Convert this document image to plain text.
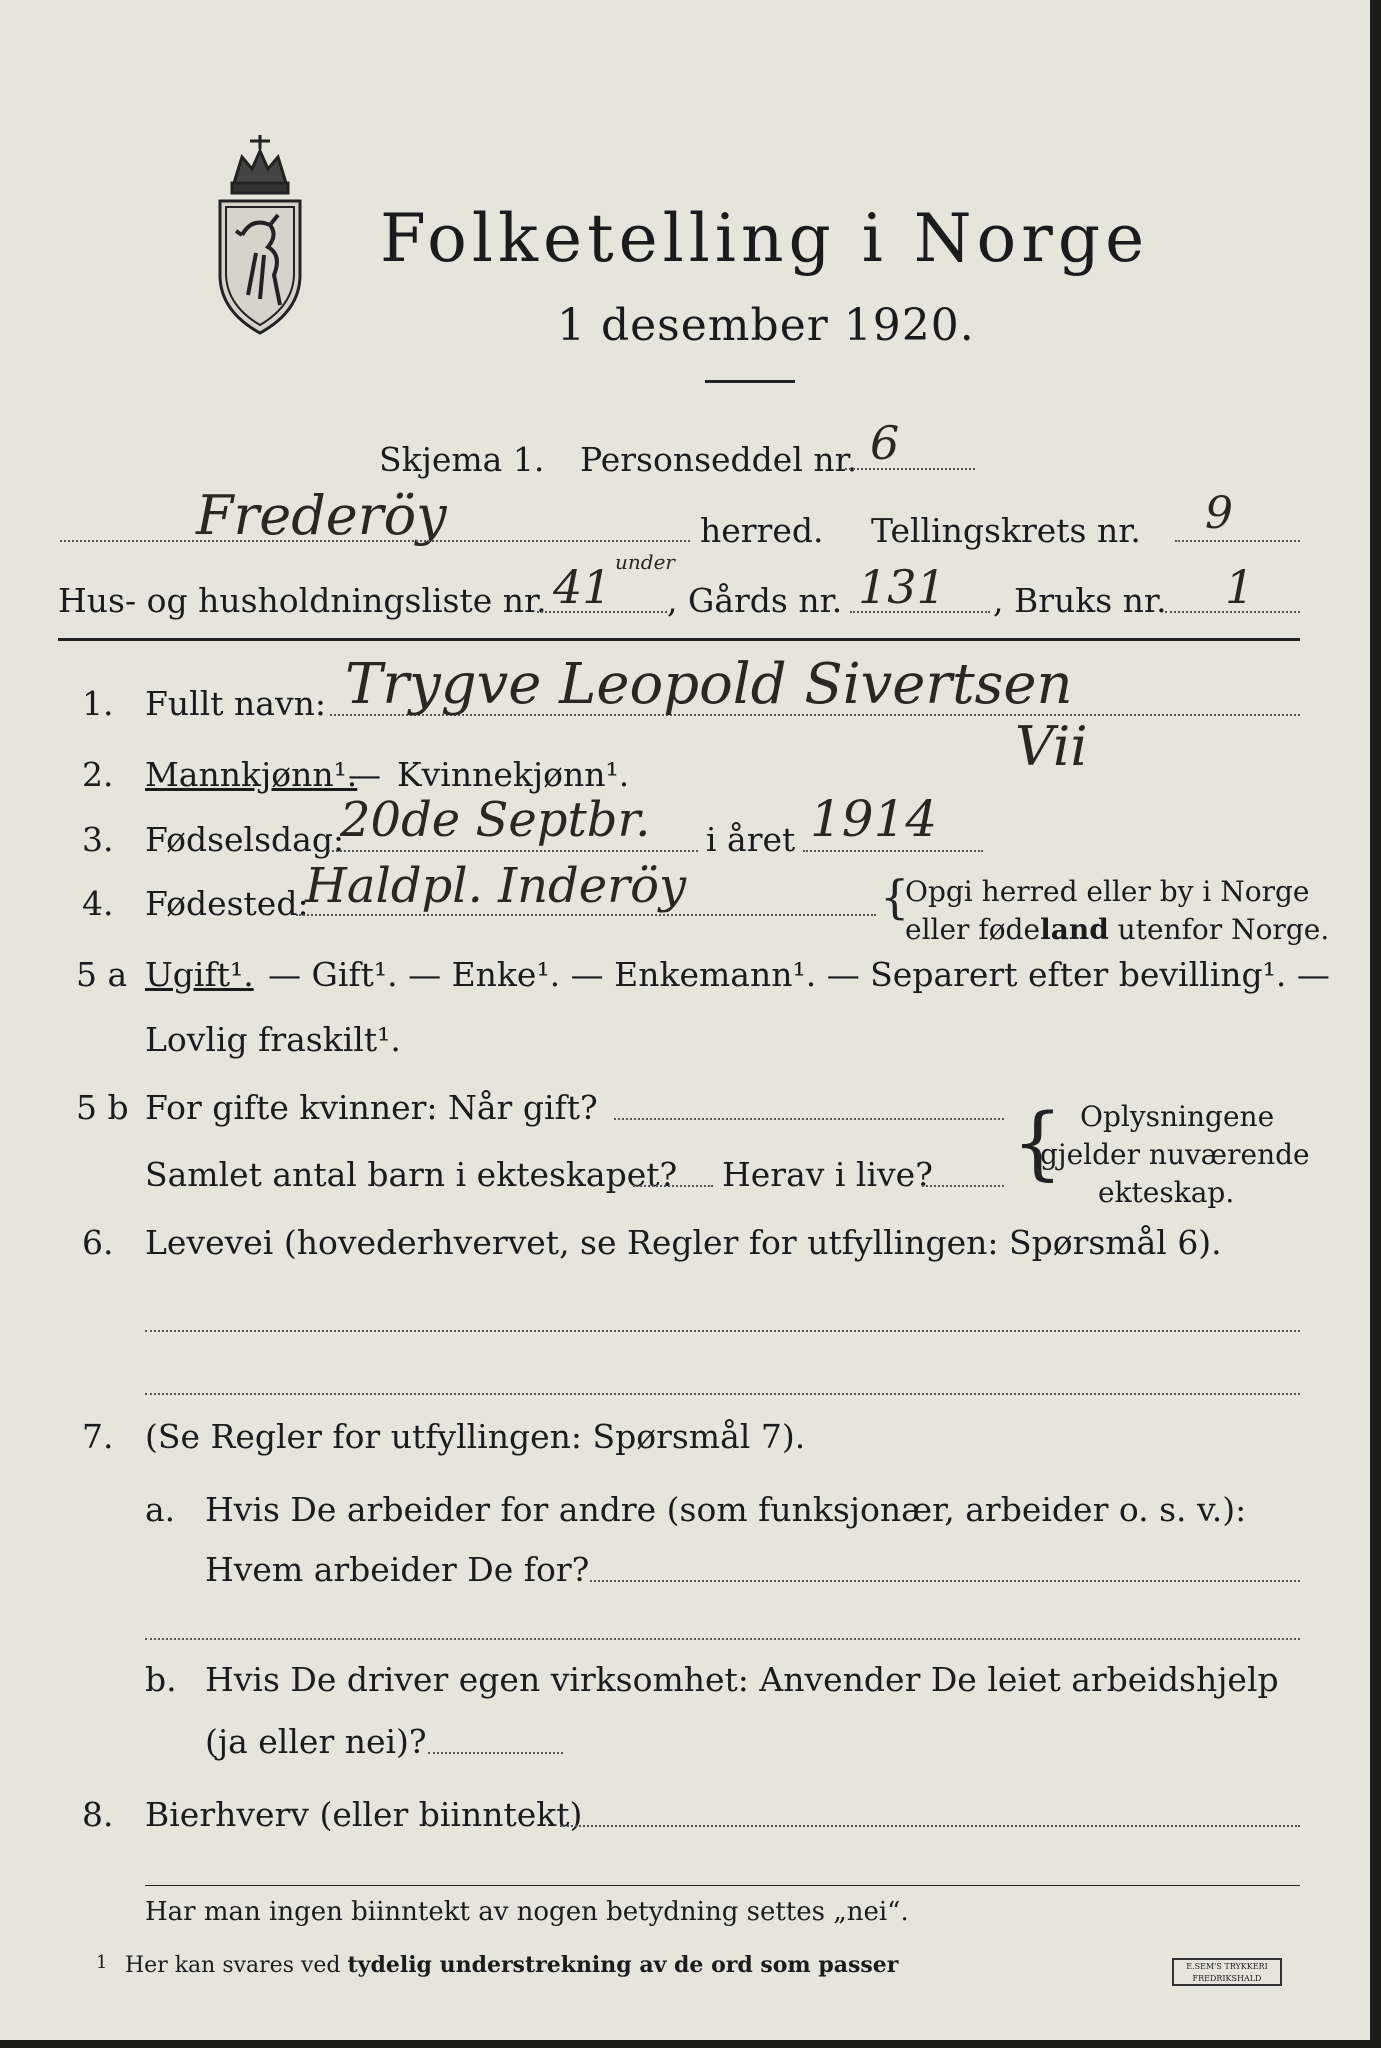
Folketelling i Norge
1 desember 1920.
Skjema 1. Personseddel nr. 6
Frederöy	herred. Tellingskrets nr. 9
Hus- og husholdningsliste nr. 41 under
, Gårds nr. 131 , Bruks nr. 1
1. Fullt navn: Trygve Leopold Sivertsen
Vii
2. Mannkjønn¹.
— Kvinnekjønn¹.
3. Fødselsdag:
20de Septbr. i året 1914
4. Fødested:
Haldpl. Inderöy	{
Opgi herred eller by i Norge
eller fødeland utenfor Norge.
5 a Ugift¹. — Gift¹. — Enke¹. — Enkemann¹. — Separert efter bevilling¹. —
Lovlig fraskilt¹.
5 b For gifte kvinner: Når gift?
Samlet antal barn i ekteskapet? Herav i live? { Oplysningene
gjelder nuværende
ekteskap.
6. Levevei (hovederhvervet, se Regler for utfyllingen: Spørsmål 6).
7. (Se Regler for utfyllingen: Spørsmål 7).
a. Hvis De arbeider for andre (som funksjonær, arbeider o. s. v.):
Hvem arbeider De for?
b. Hvis De driver egen virksomhet: Anvender De leiet arbeidshjelp
(ja eller nei)?
8. Bierhverv (eller biinntekt)
Har man ingen biinntekt av nogen betydning settes „nei“.
1 Her kan svares ved tydelig understrekning av de ord som passer	E.SEM'S TRYKKERI
FREDRIKSHALD
